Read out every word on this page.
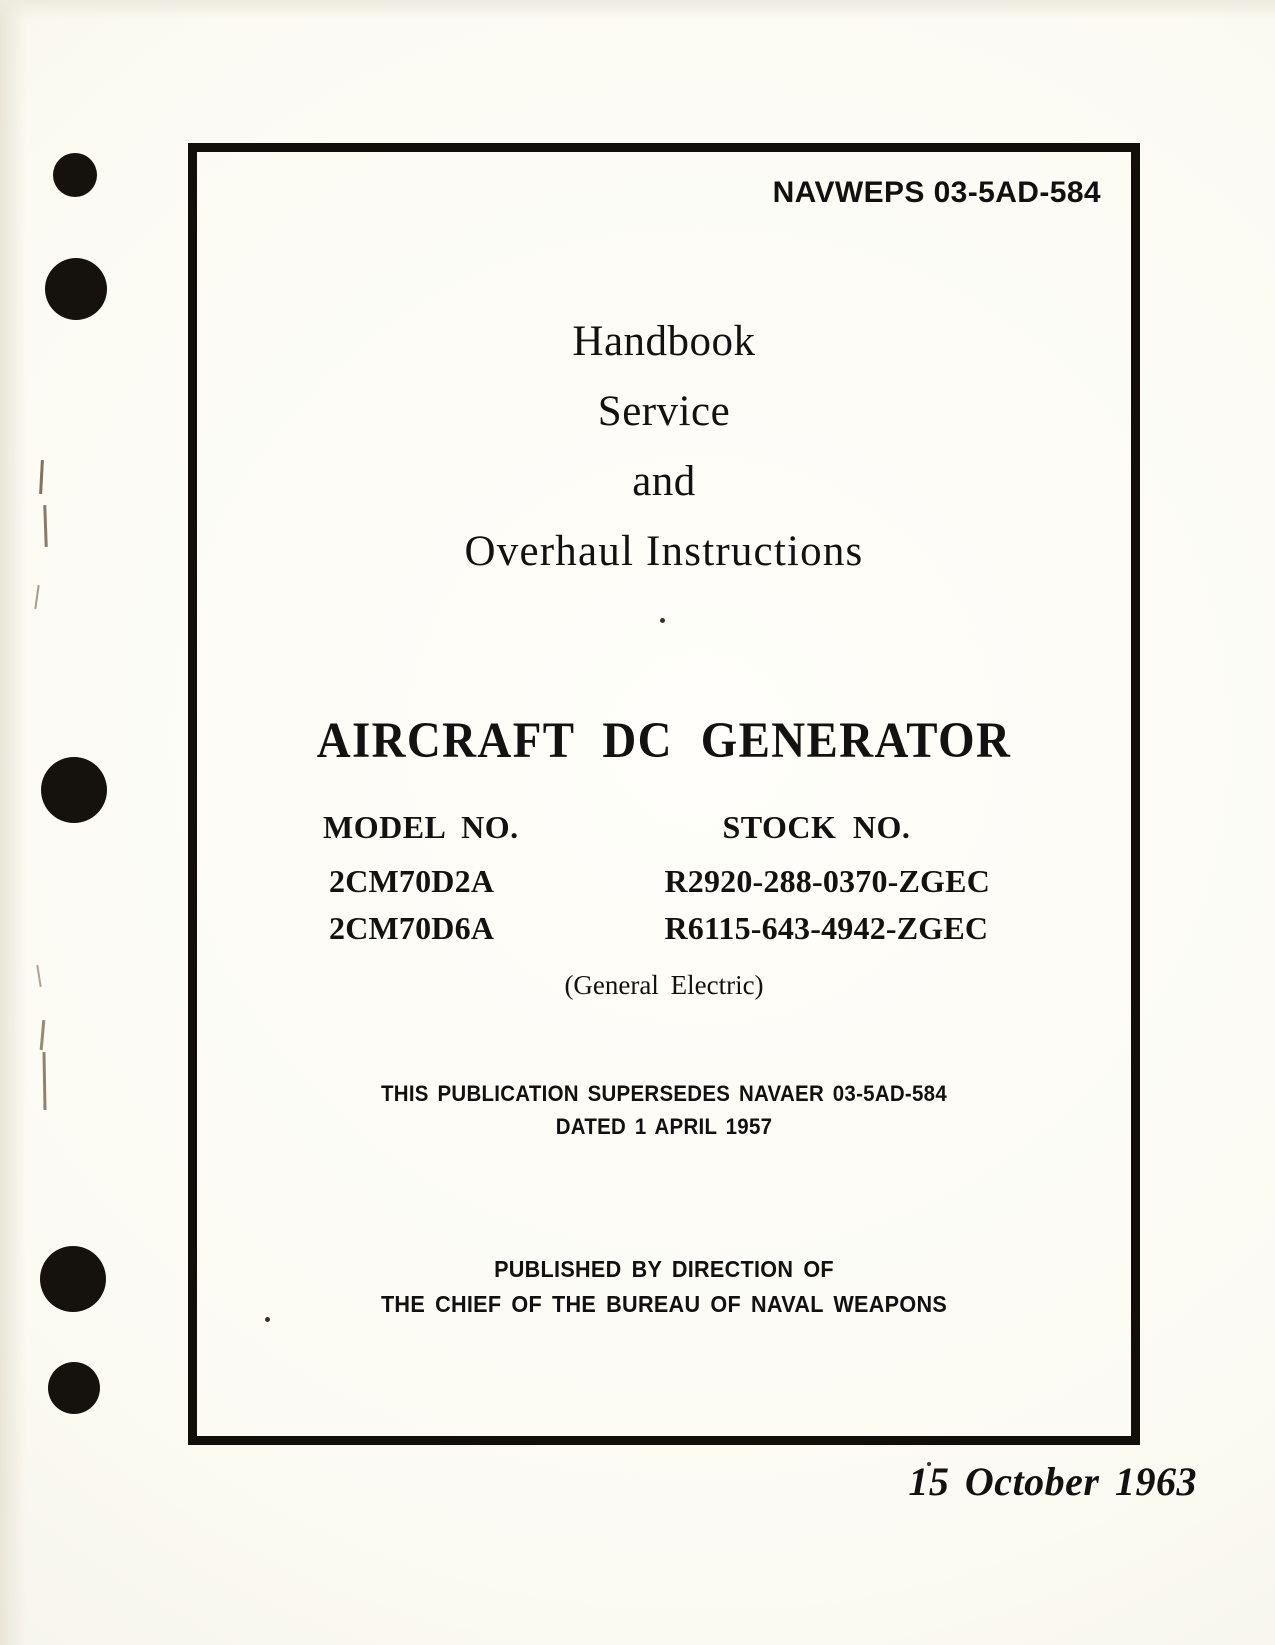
NAVWEPS 03-5AD-584
Handbook
Service
and
Overhaul Instructions
AIRCRAFT DC GENERATOR
MODEL NO.	STOCK NO.
2CM70D2A	R2920-288-0370-ZGEC
2CM70D6A	R6115-643-4942-ZGEC
(General Electric)
THIS PUBLICATION SUPERSEDES NAVAER 03-5AD-584
DATED 1 APRIL 1957
PUBLISHED BY DIRECTION OF
THE CHIEF OF THE BUREAU OF NAVAL WEAPONS
15 October 1963
